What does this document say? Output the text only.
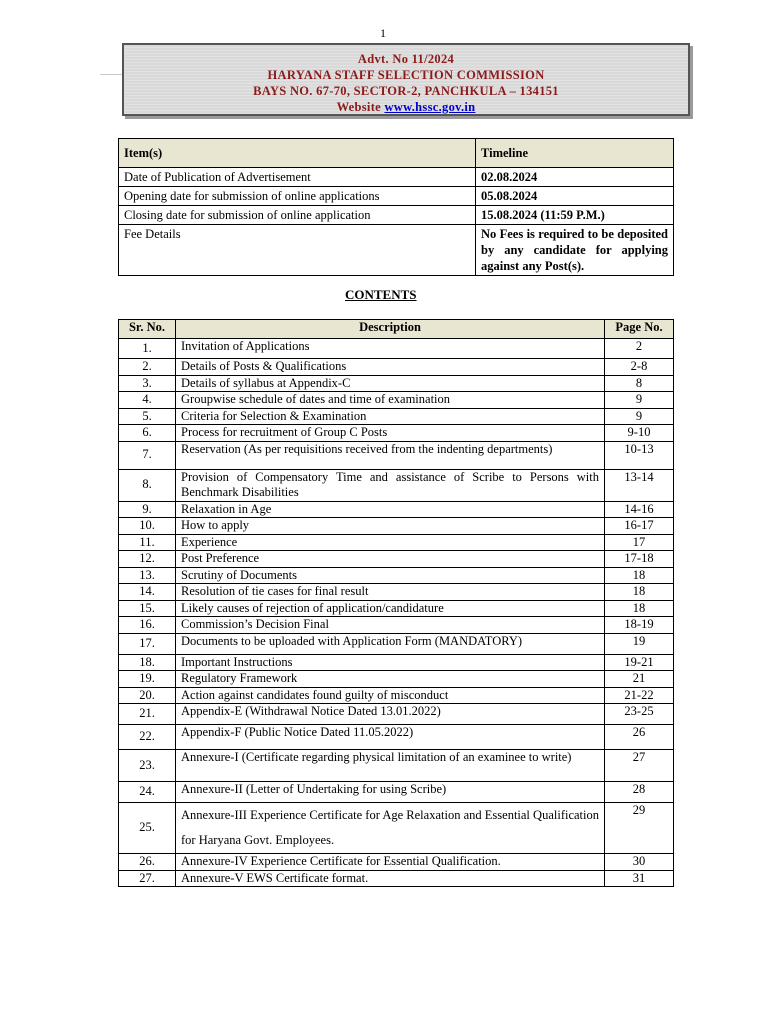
1
Advt. No 11/2024
HARYANA STAFF SELECTION COMMISSION
BAYS NO. 67-70, SECTOR-2, PANCHKULA – 134151
Website www.hssc.gov.in
Item(s)	Timeline
Date of Publication of Advertisement	02.08.2024
Opening date for submission of online applications	05.08.2024
Closing date for submission of online application	15.08.2024 (11:59 P.M.)
Fee Details	No Fees is required to be deposited by any candidate for applying against any Post(s).
CONTENTS
Sr. No.	Description	Page No.
1.	Invitation of Applications	2
2.	Details of Posts & Qualifications	2-8
3.	Details of syllabus at Appendix-C	8
4.	Groupwise schedule of dates and time of examination	9
5.	Criteria for Selection & Examination	9
6.	Process for recruitment of Group C Posts	9-10
7.	Reservation (As per requisitions received from the indenting departments)	10-13
8.	Provision of Compensatory Time and assistance of Scribe to Persons with Benchmark Disabilities	13-14
9.	Relaxation in Age	14-16
10.	How to apply	16-17
11.	Experience	17
12.	Post Preference	17-18
13.	Scrutiny of Documents	18
14.	Resolution of tie cases for final result	18
15.	Likely causes of rejection of application/candidature	18
16.	Commission’s Decision Final	18-19
17.	Documents to be uploaded with Application Form (MANDATORY)	19
18.	Important Instructions	19-21
19.	Regulatory Framework	21
20.	Action against candidates found guilty of misconduct	21-22
21.	Appendix-E (Withdrawal Notice Dated 13.01.2022)	23-25
22.	Appendix-F (Public Notice Dated 11.05.2022)	26
23.	Annexure-I (Certificate regarding physical limitation of an examinee to write)	27
24.	Annexure-II (Letter of Undertaking for using Scribe)	28
25.	Annexure-III Experience Certificate for Age Relaxation and Essential Qualification for Haryana Govt. Employees.	29
26.	Annexure-IV Experience Certificate for Essential Qualification.	30
27.	Annexure-V EWS Certificate format.	31
